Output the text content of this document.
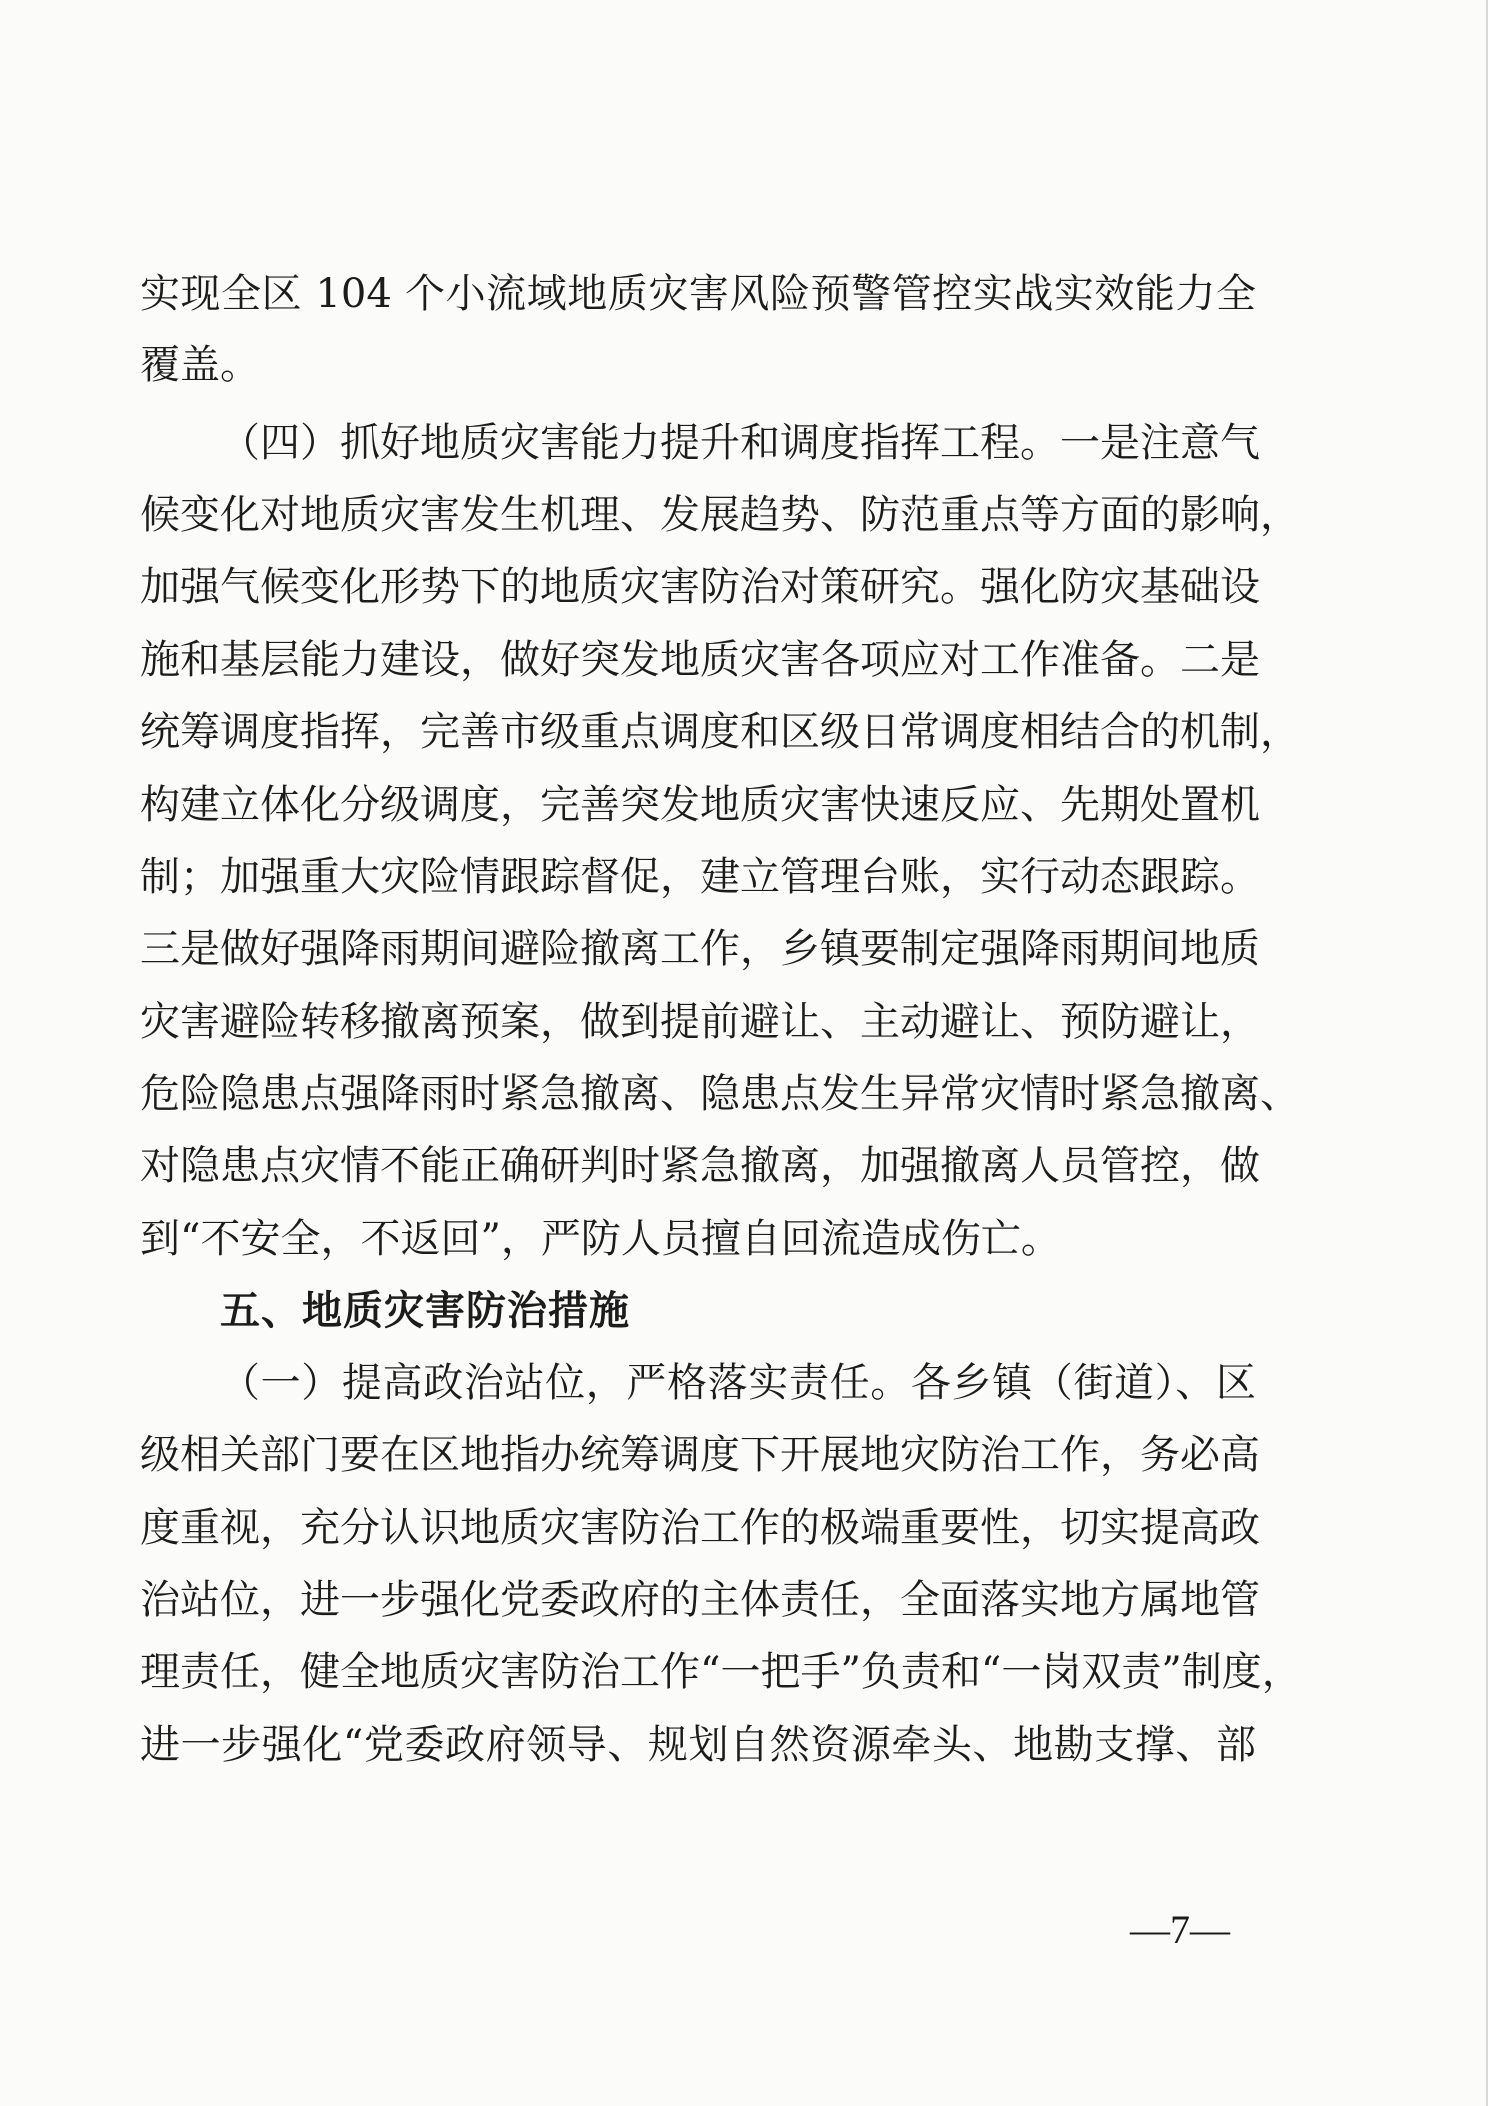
实现全区 104 个小流域地质灾害风险预警管控实战实效能力全
覆盖。
（四）抓好地质灾害能力提升和调度指挥工程。一是注意气
候变化对地质灾害发生机理、发展趋势、防范重点等方面的影响，
加强气候变化形势下的地质灾害防治对策研究。强化防灾基础设
施和基层能力建设，做好突发地质灾害各项应对工作准备。二是
统筹调度指挥，完善市级重点调度和区级日常调度相结合的机制，
构建立体化分级调度，完善突发地质灾害快速反应、先期处置机
制；加强重大灾险情跟踪督促，建立管理台账，实行动态跟踪。
三是做好强降雨期间避险撤离工作，乡镇要制定强降雨期间地质
灾害避险转移撤离预案，做到提前避让、主动避让、预防避让，
危险隐患点强降雨时紧急撤离、隐患点发生异常灾情时紧急撤离、
对隐患点灾情不能正确研判时紧急撤离，加强撤离人员管控，做
到“不安全，不返回”，严防人员擅自回流造成伤亡。
五、地质灾害防治措施
（一）提高政治站位，严格落实责任。各乡镇（街道）、区
级相关部门要在区地指办统筹调度下开展地灾防治工作，务必高
度重视，充分认识地质灾害防治工作的极端重要性，切实提高政
治站位，进一步强化党委政府的主体责任，全面落实地方属地管
理责任，健全地质灾害防治工作“一把手”负责和“一岗双责”制度，
进一步强化“党委政府领导、规划自然资源牵头、地勘支撑、部
—7—
